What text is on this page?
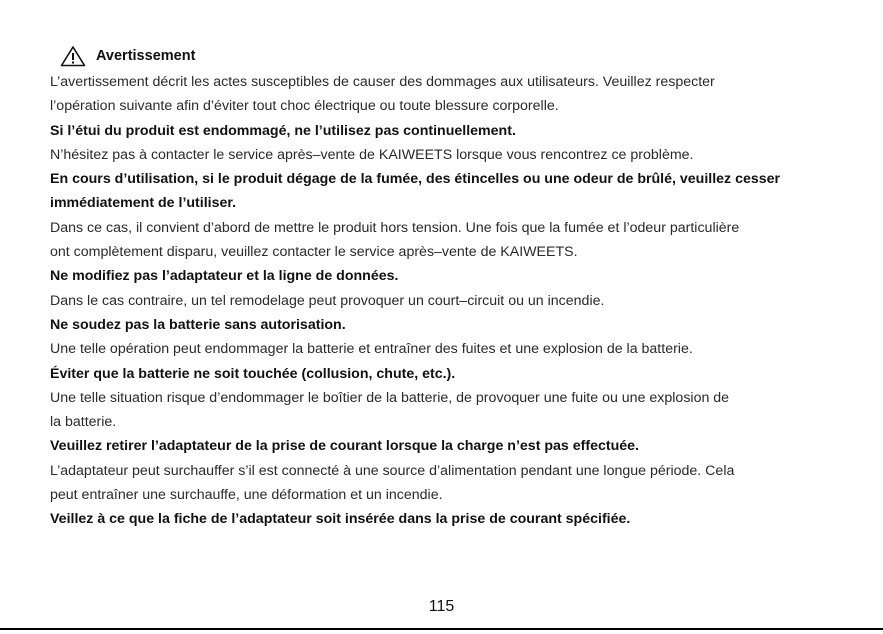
Avertissement
L’avertissement décrit les actes susceptibles de causer des dommages aux utilisateurs. Veuillez respecter
l’opération suivante afin d’éviter tout choc électrique ou toute blessure corporelle.
Si l’étui du produit est endommagé, ne l’utilisez pas continuellement.
N’hésitez pas à contacter le service après–vente de KAIWEETS lorsque vous rencontrez ce problème.
En cours d’utilisation, si le produit dégage de la fumée, des étincelles ou une odeur de brûlé, veuillez cesser
immédiatement de l’utiliser.
Dans ce cas, il convient d’abord de mettre le produit hors tension. Une fois que la fumée et l’odeur particulière
ont complètement disparu, veuillez contacter le service après–vente de KAIWEETS.
Ne modifiez pas l’adaptateur et la ligne de données.
Dans le cas contraire, un tel remodelage peut provoquer un court–circuit ou un incendie.
Ne soudez pas la batterie sans autorisation.
Une telle opération peut endommager la batterie et entraîner des fuites et une explosion de la batterie.
Éviter que la batterie ne soit touchée (collusion, chute, etc.).
Une telle situation risque d’endommager le boîtier de la batterie, de provoquer une fuite ou une explosion de
la batterie.
Veuillez retirer l’adaptateur de la prise de courant lorsque la charge n’est pas effectuée.
L’adaptateur peut surchauffer s’il est connecté à une source d’alimentation pendant une longue période. Cela
peut entraîner une surchauffe, une déformation et un incendie.
Veillez à ce que la fiche de l’adaptateur soit insérée dans la prise de courant spécifiée.
115
